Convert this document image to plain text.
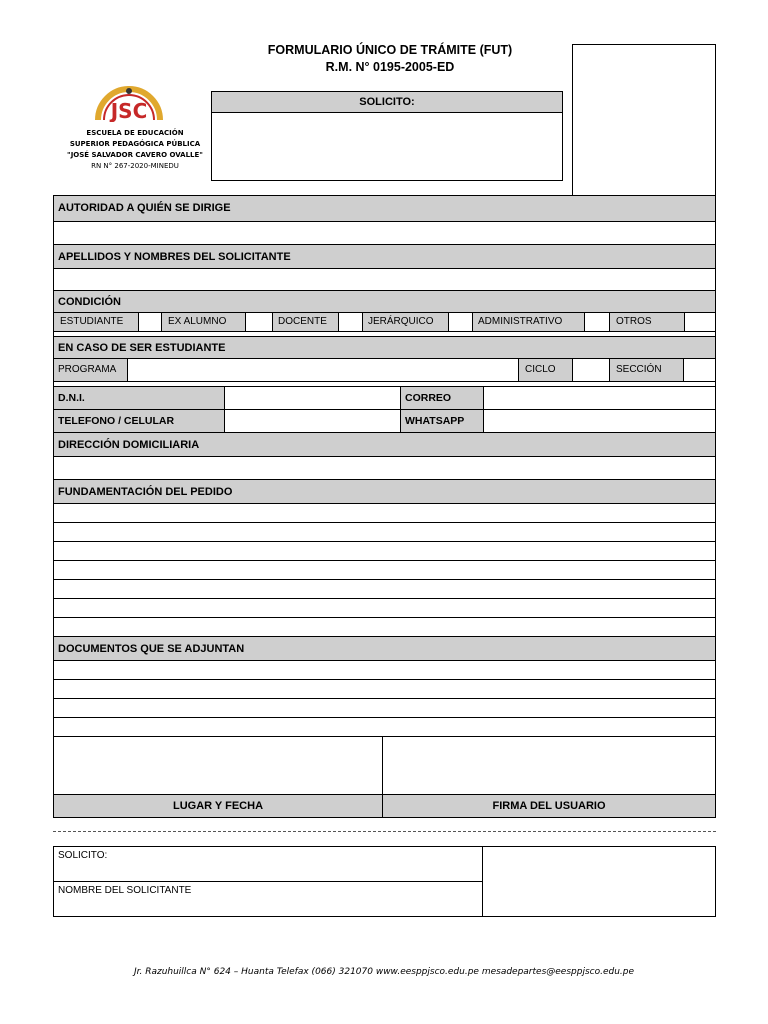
FORMULARIO ÚNICO DE TRÁMITE (FUT)
R.M. N° 0195-2005-ED
JSC
ESCUELA DE EDUCACIÓN
SUPERIOR PEDAGÓGICA PÚBLICA
"JOSÉ SALVADOR CAVERO OVALLE"
RN N° 267-2020-MINEDU
SOLICITO:
AUTORIDAD A QUIÉN SE DIRIGE
APELLIDOS Y NOMBRES DEL SOLICITANTE
CONDICIÓN
ESTUDIANTE	EX ALUMNO	DOCENTE	JERÁRQUICO	ADMINISTRATIVO	OTROS
EN CASO DE SER ESTUDIANTE
PROGRAMA	CICLO	SECCIÓN
D.N.I.	CORREO
TELEFONO / CELULAR	WHATSAPP
DIRECCIÓN DOMICILIARIA
FUNDAMENTACIÓN DEL PEDIDO
DOCUMENTOS QUE SE ADJUNTAN
LUGAR Y FECHA	FIRMA DEL USUARIO
SOLICITO:
NOMBRE DEL SOLICITANTE
Jr. Razuhuillca N° 624 – Huanta Telefax (066) 321070 www.eesppjsco.edu.pe mesadepartes@eesppjsco.edu.pe
